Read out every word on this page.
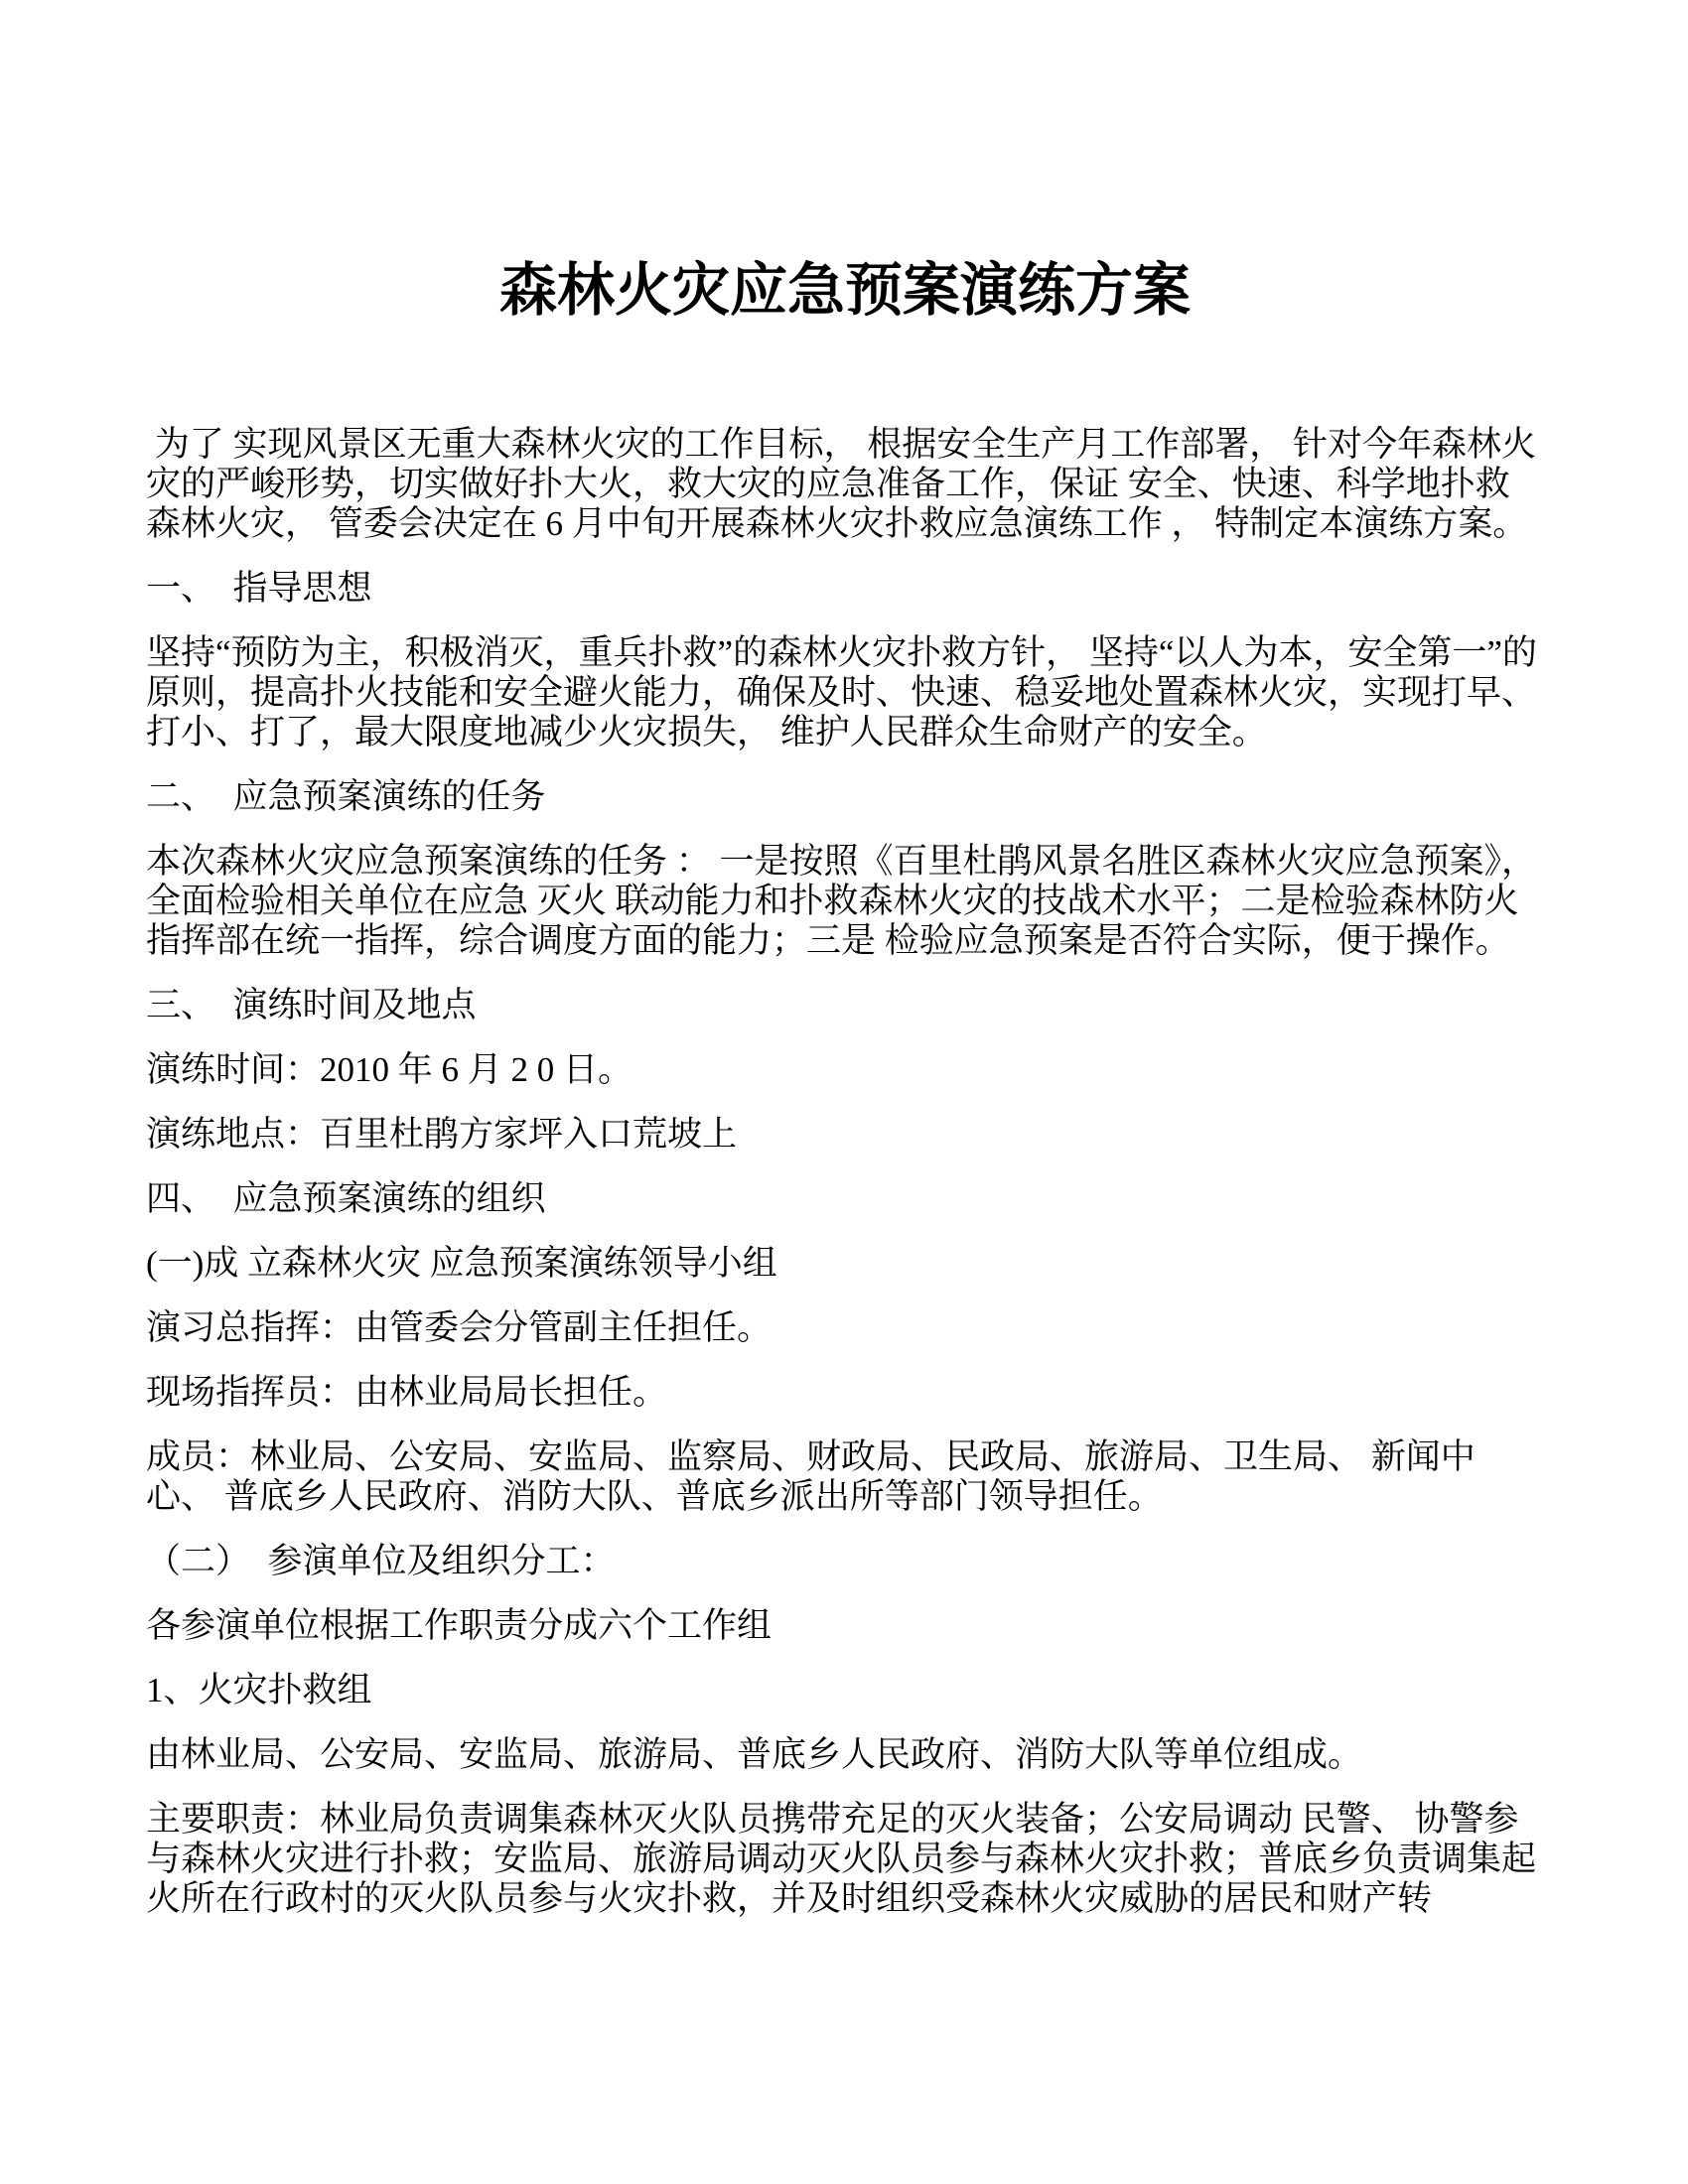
森林火灾应急预案演练方案

为了 实现风景区无重大森林火灾的工作目标， 根据安全生产月工作部署， 针对今年森林火灾的严峻形势，切实做好扑大火，救大灾的应急准备工作，保证 安全、快速、科学地扑救森林火灾， 管委会决定在 6 月中旬开展森林火灾扑救应急演练工作 ， 特制定本演练方案。

一、　指导思想

坚持“预防为主，积极消灭，重兵扑救”的森林火灾扑救方针， 坚持“以人为本，安全第一”的原则，提高扑火技能和安全避火能力，确保及时、快速、稳妥地处置森林火灾，实现打早、打小、打了，最大限度地减少火灾损失， 维护人民群众生命财产的安全。

二、　应急预案演练的任务

本次森林火灾应急预案演练的任务 ： 一是按照《百里杜鹃风景名胜区森林火灾应急预案》， 全面检验相关单位在应急 灭火 联动能力和扑救森林火灾的技战术水平；二是检验森林防火指挥部在统一指挥，综合调度方面的能力；三是 检验应急预案是否符合实际，便于操作。

三、　演练时间及地点

演练时间：2010 年 6 月 2 0 日。

演练地点：百里杜鹃方家坪入口荒坡上

四、　应急预案演练的组织

(一)成 立森林火灾 应急预案演练领导小组

演习总指挥：由管委会分管副主任担任。

现场指挥员：由林业局局长担任。

成员：林业局、公安局、安监局、监察局、财政局、民政局、旅游局、卫生局、 新闻中心、 普底乡人民政府、消防大队、普底乡派出所等部门领导担任。

（二）　参演单位及组织分工：

各参演单位根据工作职责分成六个工作组

1、火灾扑救组

由林业局、公安局、安监局、旅游局、普底乡人民政府、消防大队等单位组成。

主要职责：林业局负责调集森林灭火队员携带充足的灭火装备；公安局调动 民警、 协警参与森林火灾进行扑救；安监局、旅游局调动灭火队员参与森林火灾扑救；普底乡负责调集起火所在行政村的灭火队员参与火灾扑救，并及时组织受森林火灾威胁的居民和财产转
